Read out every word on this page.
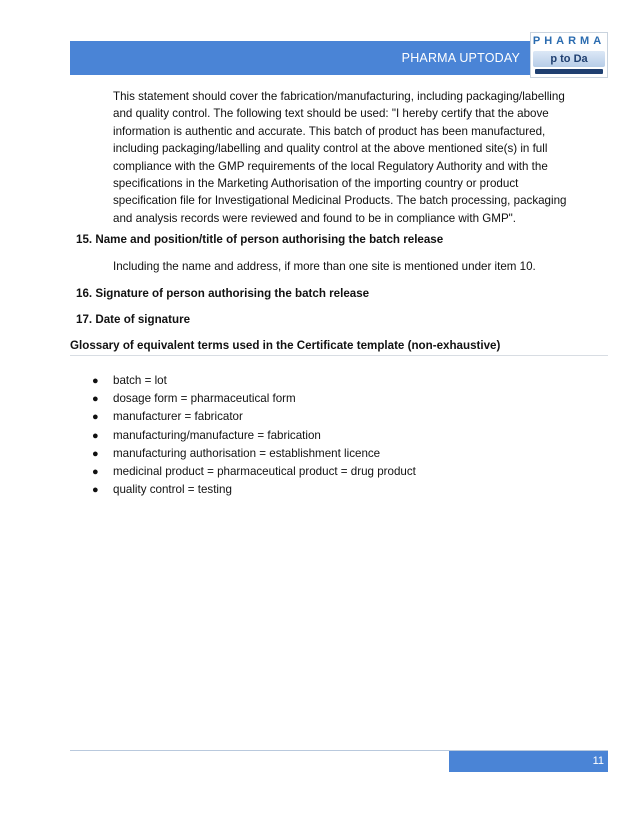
PHARMA UPTODAY
PHARMA
p to Da
This statement should cover the fabrication/manufacturing, including packaging/labelling
and quality control. The following text should be used: "I hereby certify that the above
information is authentic and accurate. This batch of product has been manufactured,
including packaging/labelling and quality control at the above mentioned site(s) in full
compliance with the GMP requirements of the local Regulatory Authority and with the
specifications in the Marketing Authorisation of the importing country or product
specification file for Investigational Medicinal Products. The batch processing, packaging
and analysis records were reviewed and found to be in compliance with GMP".
15. Name and position/title of person authorising the batch release
Including the name and address, if more than one site is mentioned under item 10.
16. Signature of person authorising the batch release
17. Date of signature
Glossary of equivalent terms used in the Certificate template (non-exhaustive)
● batch = lot
● dosage form = pharmaceutical form
● manufacturer = fabricator
● manufacturing/manufacture = fabrication
● manufacturing authorisation = establishment licence
● medicinal product = pharmaceutical product = drug product
● quality control = testing
11
